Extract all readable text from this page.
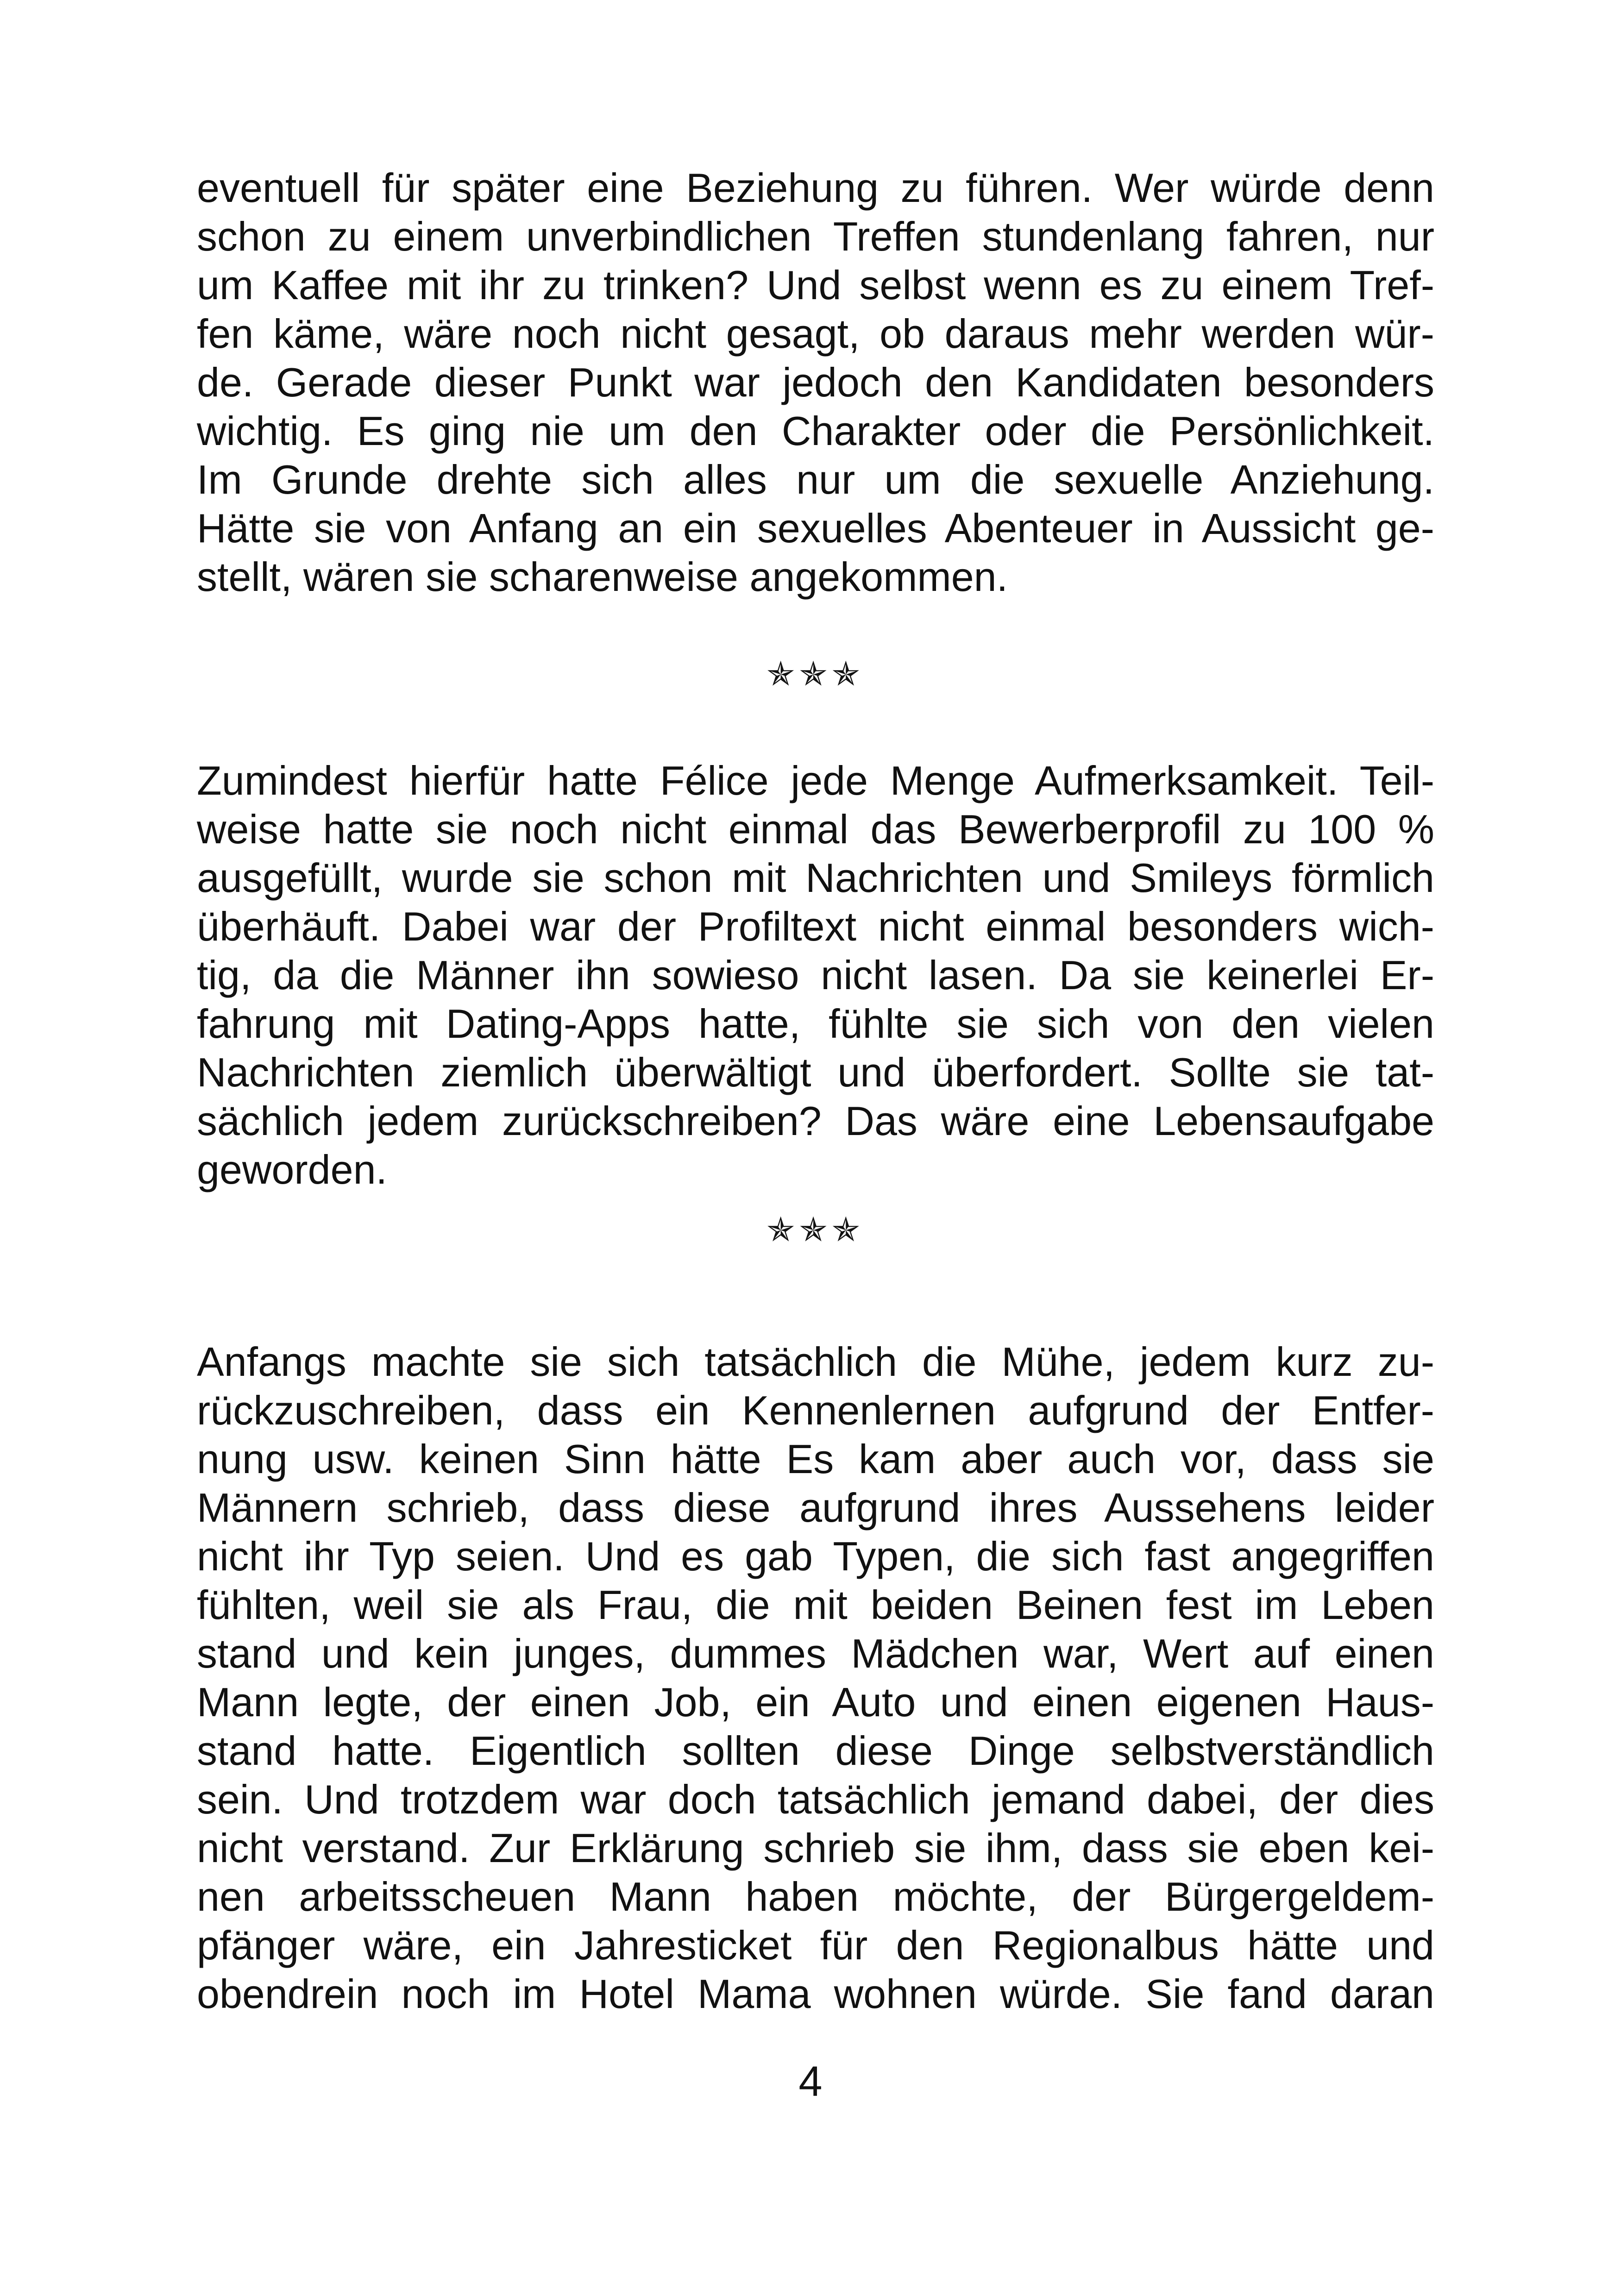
eventuell für später eine Beziehung zu führen. Wer würde denn
schon zu einem unverbindlichen Treffen stundenlang fahren, nur
um Kaffee mit ihr zu trinken? Und selbst wenn es zu einem Tref-
fen käme, wäre noch nicht gesagt, ob daraus mehr werden wür-
de. Gerade dieser Punkt war jedoch den Kandidaten besonders
wichtig. Es ging nie um den Charakter oder die Persönlichkeit.
Im Grunde drehte sich alles nur um die sexuelle Anziehung.
Hätte sie von Anfang an ein sexuelles Abenteuer in Aussicht ge-
stellt, wären sie scharenweise angekommen.
✯✯✯
Zumindest hierfür hatte Félice jede Menge Aufmerksamkeit. Teil-
weise hatte sie noch nicht einmal das Bewerberprofil zu 100 %
ausgefüllt, wurde sie schon mit Nachrichten und Smileys förmlich
überhäuft. Dabei war der Profiltext nicht einmal besonders wich-
tig, da die Männer ihn sowieso nicht lasen. Da sie keinerlei Er-
fahrung mit Dating-Apps hatte, fühlte sie sich von den vielen
Nachrichten ziemlich überwältigt und überfordert. Sollte sie tat-
sächlich jedem zurückschreiben? Das wäre eine Lebensaufgabe
geworden.
✯✯✯
Anfangs machte sie sich tatsächlich die Mühe, jedem kurz zu-
rückzuschreiben, dass ein Kennenlernen aufgrund der Entfer-
nung usw. keinen Sinn hätte Es kam aber auch vor, dass sie
Männern schrieb, dass diese aufgrund ihres Aussehens leider
nicht ihr Typ seien. Und es gab Typen, die sich fast angegriffen
fühlten, weil sie als Frau, die mit beiden Beinen fest im Leben
stand und kein junges, dummes Mädchen war, Wert auf einen
Mann legte, der einen Job, ein Auto und einen eigenen Haus-
stand hatte. Eigentlich sollten diese Dinge selbstverständlich
sein. Und trotzdem war doch tatsächlich jemand dabei, der dies
nicht verstand. Zur Erklärung schrieb sie ihm, dass sie eben kei-
nen arbeitsscheuen Mann haben möchte, der Bürgergeldem-
pfänger wäre, ein Jahresticket für den Regionalbus hätte und
obendrein noch im Hotel Mama wohnen würde. Sie fand daran
4
